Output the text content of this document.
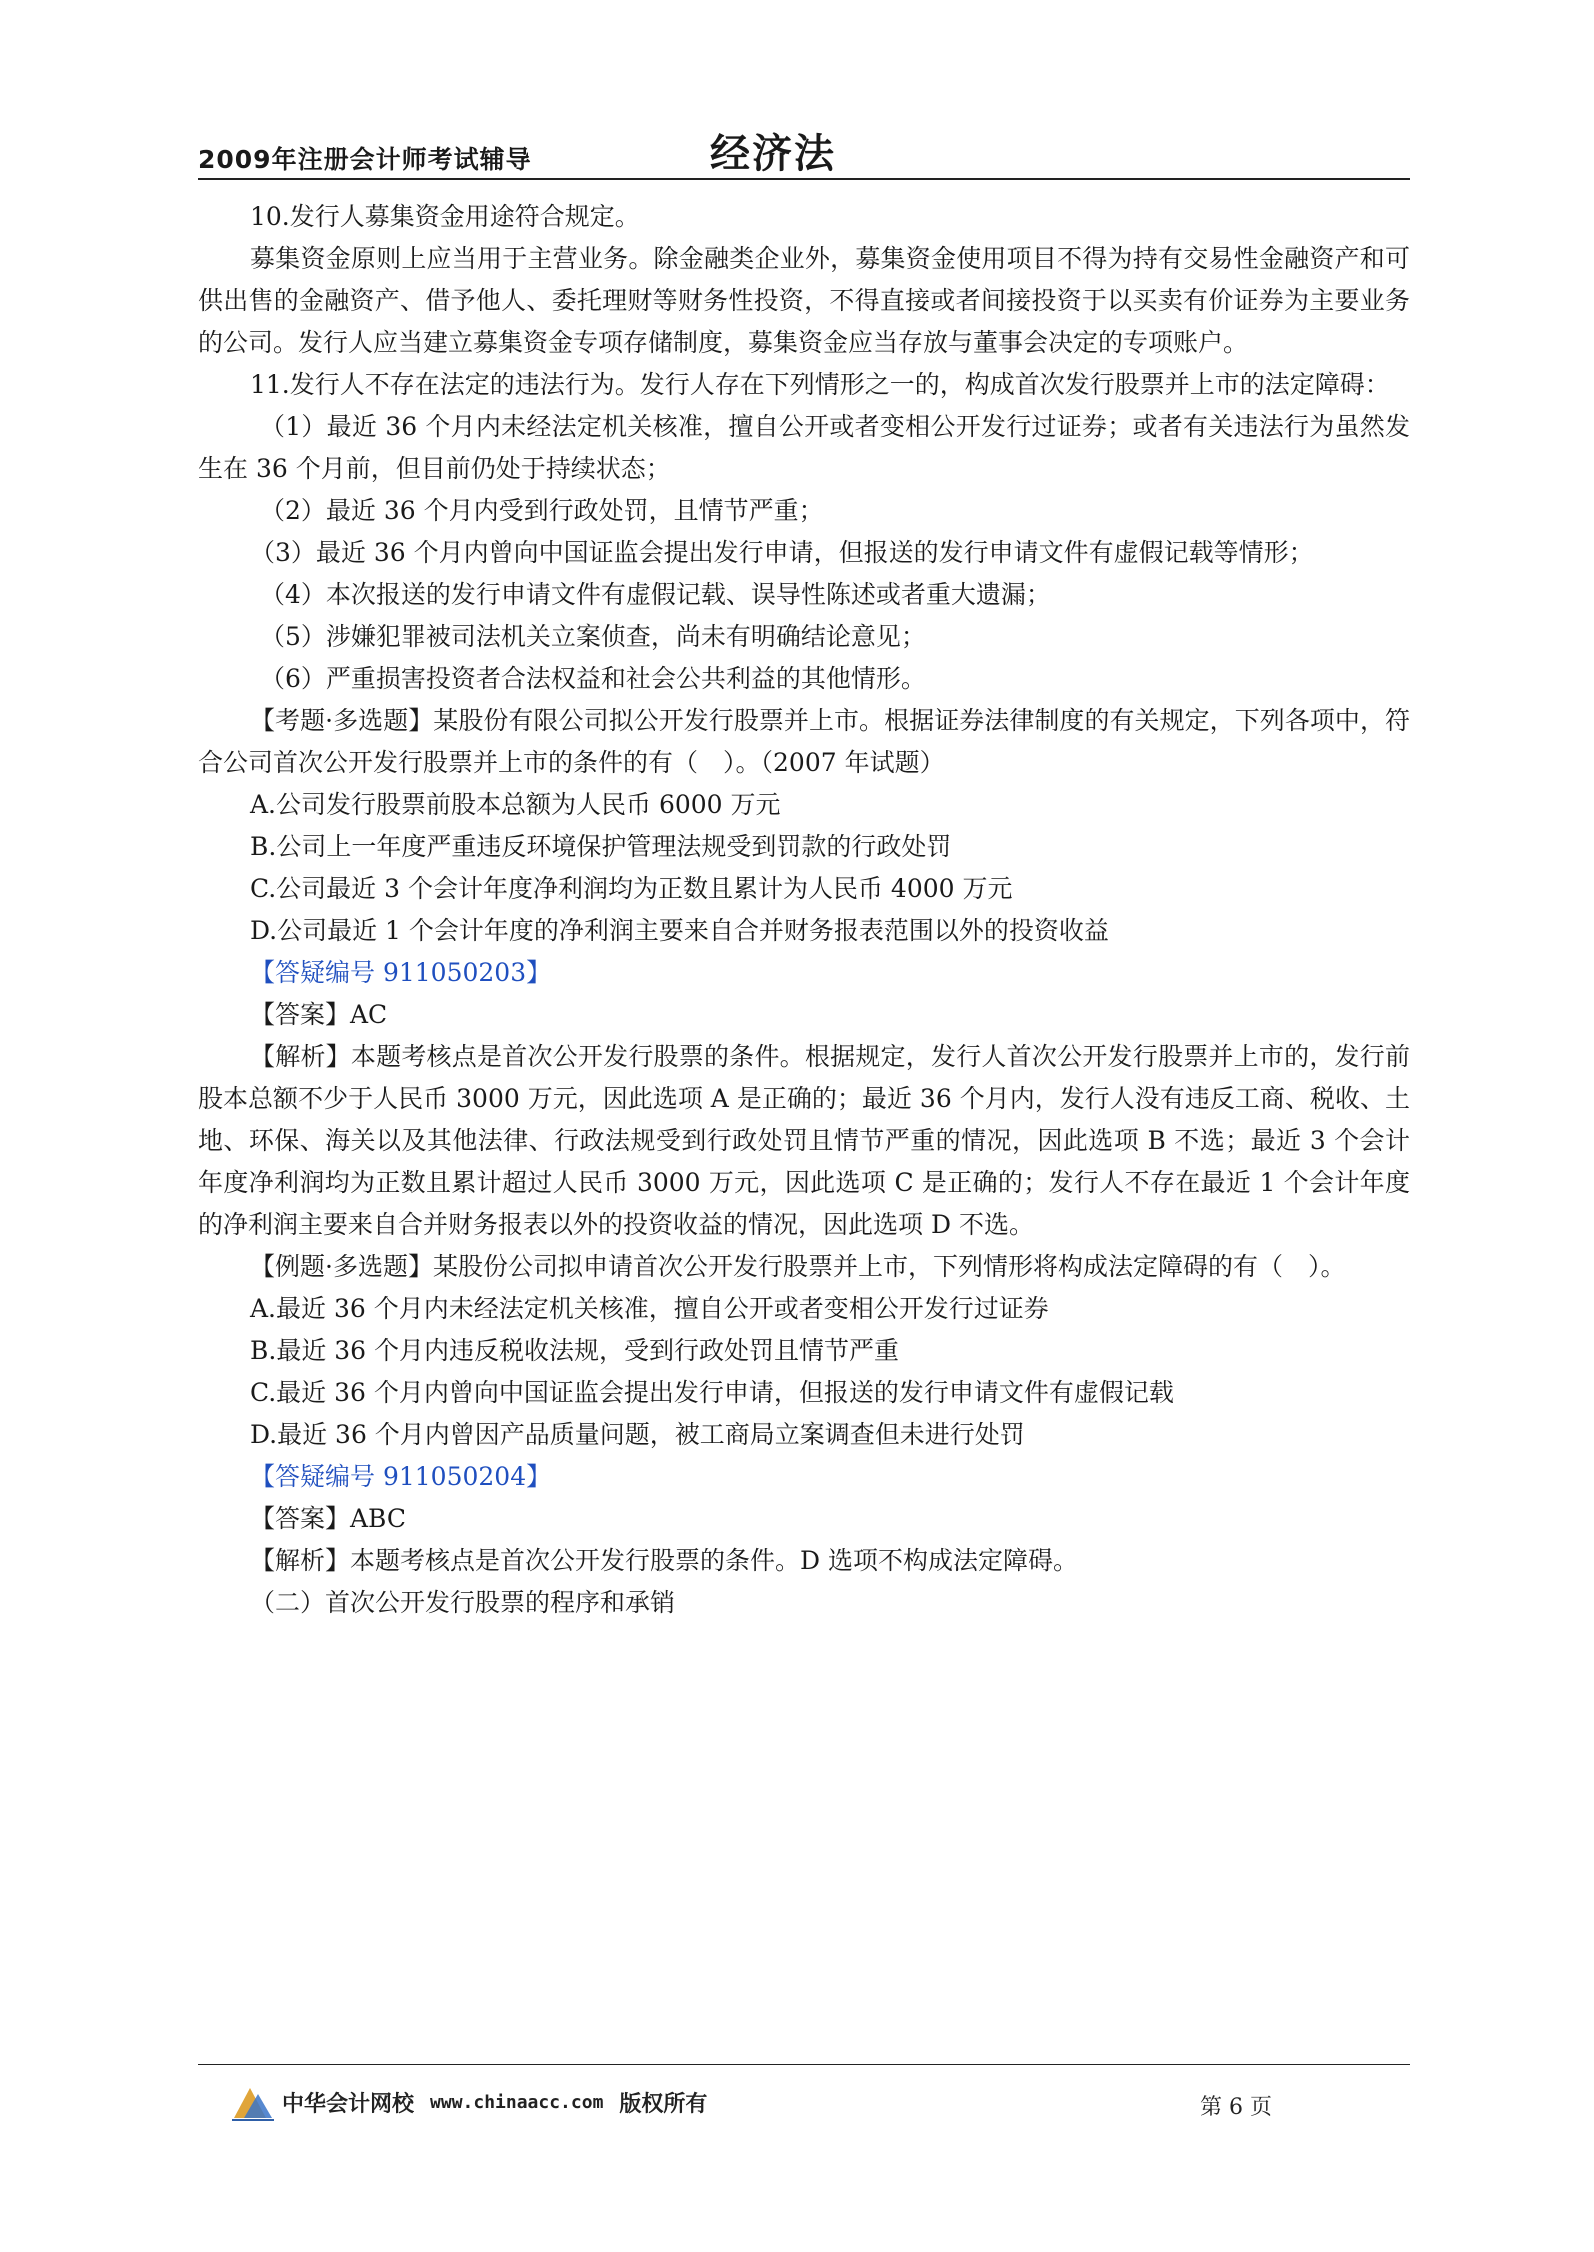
2009年注册会计师考试辅导	经济法

10.发行人募集资金用途符合规定。

募集资金原则上应当用于主营业务。除金融类企业外，募集资金使用项目不得为持有交易性金融资产和可供出售的金融资产、借予他人、委托理财等财务性投资，不得直接或者间接投资于以买卖有价证券为主要业务的公司。发行人应当建立募集资金专项存储制度，募集资金应当存放与董事会决定的专项账户。

11.发行人不存在法定的违法行为。发行人存在下列情形之一的，构成首次发行股票并上市的法定障碍：

（1）最近 36 个月内未经法定机关核准，擅自公开或者变相公开发行过证券；或者有关违法行为虽然发生在 36 个月前，但目前仍处于持续状态；

（2）最近 36 个月内受到行政处罚，且情节严重；

（3）最近 36 个月内曾向中国证监会提出发行申请，但报送的发行申请文件有虚假记载等情形；

（4）本次报送的发行申请文件有虚假记载、误导性陈述或者重大遗漏；

（5）涉嫌犯罪被司法机关立案侦查，尚未有明确结论意见；

（6）严重损害投资者合法权益和社会公共利益的其他情形。

【考题·多选题】某股份有限公司拟公开发行股票并上市。根据证券法律制度的有关规定，下列各项中，符合公司首次公开发行股票并上市的条件的有（　）。（2007 年试题）

A.公司发行股票前股本总额为人民币 6000 万元

B.公司上一年度严重违反环境保护管理法规受到罚款的行政处罚

C.公司最近 3 个会计年度净利润均为正数且累计为人民币 4000 万元

D.公司最近 1 个会计年度的净利润主要来自合并财务报表范围以外的投资收益

【答疑编号 911050203】

【答案】AC

【解析】本题考核点是首次公开发行股票的条件。根据规定，发行人首次公开发行股票并上市的，发行前股本总额不少于人民币 3000 万元，因此选项 A 是正确的；最近 36 个月内，发行人没有违反工商、税收、土地、环保、海关以及其他法律、行政法规受到行政处罚且情节严重的情况，因此选项 B 不选；最近 3 个会计年度净利润均为正数且累计超过人民币 3000 万元，因此选项 C 是正确的；发行人不存在最近 1 个会计年度的净利润主要来自合并财务报表以外的投资收益的情况，因此选项 D 不选。

【例题·多选题】某股份公司拟申请首次公开发行股票并上市，下列情形将构成法定障碍的有（　）。

A.最近 36 个月内未经法定机关核准，擅自公开或者变相公开发行过证券

B.最近 36 个月内违反税收法规，受到行政处罚且情节严重

C.最近 36 个月内曾向中国证监会提出发行申请，但报送的发行申请文件有虚假记载

D.最近 36 个月内曾因产品质量问题，被工商局立案调查但未进行处罚

【答疑编号 911050204】

【答案】ABC

【解析】本题考核点是首次公开发行股票的条件。D 选项不构成法定障碍。

（二）首次公开发行股票的程序和承销

中华会计网校 www.chinaacc.com 版权所有	第 6 页
